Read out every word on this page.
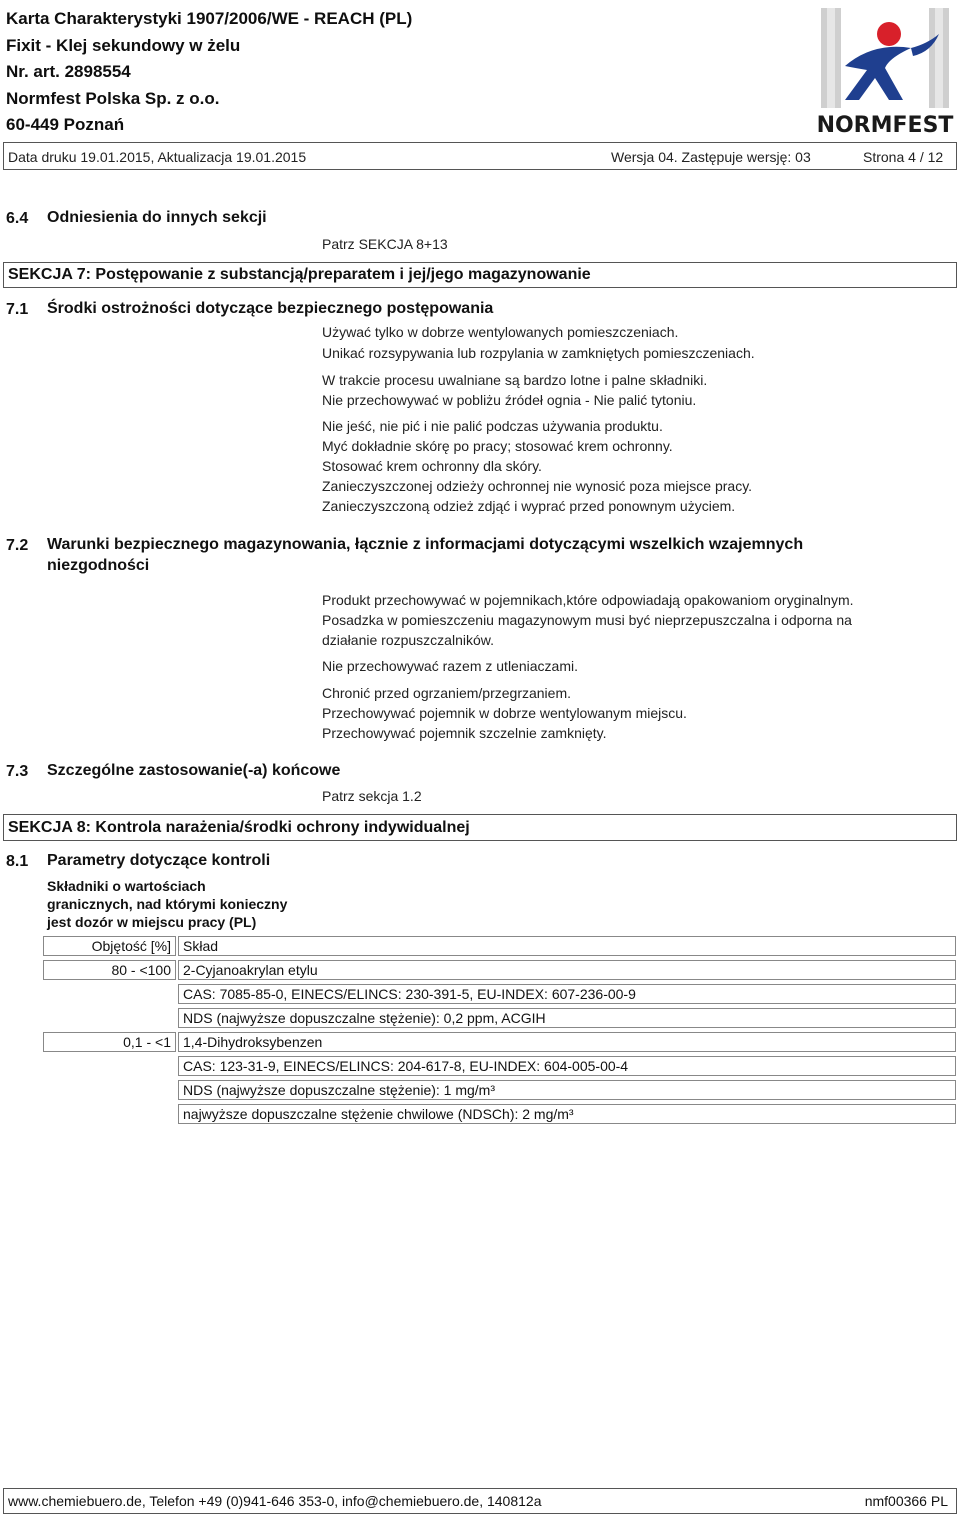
Karta Charakterystyki 1907/2006/WE - REACH (PL)
Fixit - Klej sekundowy w żelu
Nr. art. 2898554
Normfest Polska Sp. z o.o.
60-449 Poznań	NORMFEST
Data druku 19.01.2015, Aktualizacja 19.01.2015	Wersja 04. Zastępuje wersję: 03	Strona 4 / 12
6.4 Odniesienia do innych sekcji
Patrz SEKCJA 8+13
SEKCJA 7: Postępowanie z substancją/preparatem i jej/jego magazynowanie
7.1 Środki ostrożności dotyczące bezpiecznego postępowania
Używać tylko w dobrze wentylowanych pomieszczeniach.
Unikać rozsypywania lub rozpylania w zamkniętych pomieszczeniach.
W trakcie procesu uwalniane są bardzo lotne i palne składniki.
Nie przechowywać w pobliżu źródeł ognia - Nie palić tytoniu.
Nie jeść, nie pić i nie palić podczas używania produktu.
Myć dokładnie skórę po pracy; stosować krem ochronny.
Stosować krem ochronny dla skóry.
Zanieczyszczonej odzieży ochronnej nie wynosić poza miejsce pracy.
Zanieczyszczoną odzież zdjąć i wyprać przed ponownym użyciem.
7.2 Warunki bezpiecznego magazynowania, łącznie z informacjami dotyczącymi wszelkich wzajemnych
niezgodności
Produkt przechowywać w pojemnikach,które odpowiadają opakowaniom oryginalnym.
Posadzka w pomieszczeniu magazynowym musi być nieprzepuszczalna i odporna na
działanie rozpuszczalników.
Nie przechowywać razem z utleniaczami.
Chronić przed ogrzaniem/przegrzaniem.
Przechowywać pojemnik w dobrze wentylowanym miejscu.
Przechowywać pojemnik szczelnie zamknięty.
7.3 Szczególne zastosowanie(-a) końcowe
Patrz sekcja 1.2
SEKCJA 8: Kontrola narażenia/środki ochrony indywidualnej
8.1 Parametry dotyczące kontroli
Składniki o wartościach
granicznych, nad którymi konieczny
jest dozór w miejscu pracy (PL)
Objętość [%] Skład
80 - <100 2-Cyjanoakrylan etylu
CAS: 7085-85-0, EINECS/ELINCS: 230-391-5, EU-INDEX: 607-236-00-9
NDS (najwyższe dopuszczalne stężenie): 0,2 ppm, ACGIH
0,1 - <1 1,4-Dihydroksybenzen
CAS: 123-31-9, EINECS/ELINCS: 204-617-8, EU-INDEX: 604-005-00-4
NDS (najwyższe dopuszczalne stężenie): 1 mg/m³
najwyższe dopuszczalne stężenie chwilowe (NDSCh): 2 mg/m³
www.chemiebuero.de, Telefon +49 (0)941-646 353-0, info@chemiebuero.de, 140812a	nmf00366 PL
